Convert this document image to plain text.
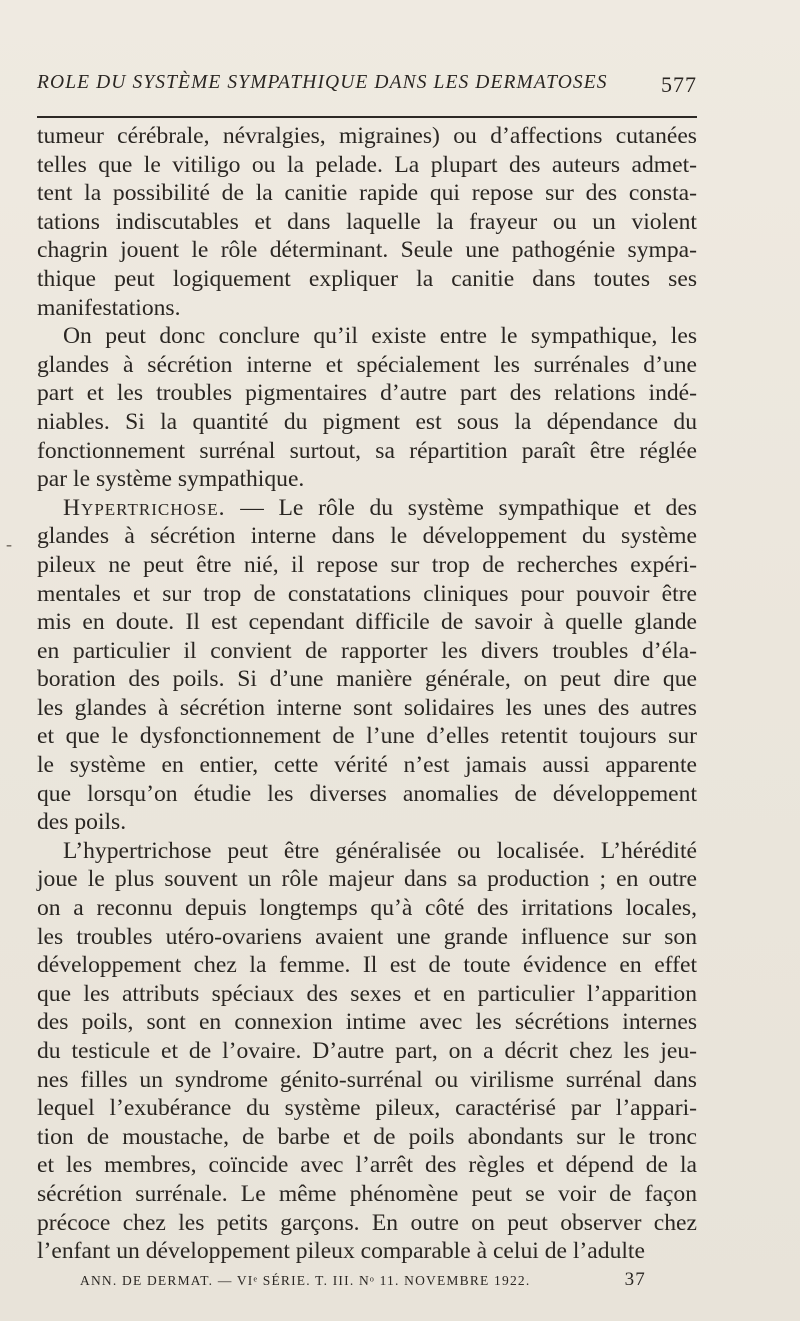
ROLE DU SYSTÈME SYMPATHIQUE DANS LES DERMATOSES 577
-

tumeur cérébrale, névralgies, migraines) ou d’affections cutanées
telles que le vitiligo ou la pelade. La plupart des auteurs admet-
tent la possibilité de la canitie rapide qui repose sur des consta-
tations indiscutables et dans laquelle la frayeur ou un violent
chagrin jouent le rôle déterminant. Seule une pathogénie sympa-
thique peut logiquement expliquer la canitie dans toutes ses
manifestations.

On peut donc conclure qu’il existe entre le sympathique, les
glandes à sécrétion interne et spécialement les surrénales d’une
part et les troubles pigmentaires d’autre part des relations indé-
niables. Si la quantité du pigment est sous la dépendance du
fonctionnement surrénal surtout, sa répartition paraît être réglée
par le système sympathique.

Hypertrichose. — Le rôle du système sympathique et des
glandes à sécrétion interne dans le développement du système
pileux ne peut être nié, il repose sur trop de recherches expéri-
mentales et sur trop de constatations cliniques pour pouvoir être
mis en doute. Il est cependant difficile de savoir à quelle glande
en particulier il convient de rapporter les divers troubles d’éla-
boration des poils. Si d’une manière générale, on peut dire que
les glandes à sécrétion interne sont solidaires les unes des autres
et que le dysfonctionnement de l’une d’elles retentit toujours sur
le système en entier, cette vérité n’est jamais aussi apparente
que lorsqu’on étudie les diverses anomalies de développement
des poils.

L’hypertrichose peut être généralisée ou localisée. L’hérédité
joue le plus souvent un rôle majeur dans sa production ; en outre
on a reconnu depuis longtemps qu’à côté des irritations locales,
les troubles utéro-ovariens avaient une grande influence sur son
développement chez la femme. Il est de toute évidence en effet
que les attributs spéciaux des sexes et en particulier l’apparition
des poils, sont en connexion intime avec les sécrétions internes
du testicule et de l’ovaire. D’autre part, on a décrit chez les jeu-
nes filles un syndrome génito-surrénal ou virilisme surrénal dans
lequel l’exubérance du système pileux, caractérisé par l’appari-
tion de moustache, de barbe et de poils abondants sur le tronc
et les membres, coïncide avec l’arrêt des règles et dépend de la
sécrétion surrénale. Le même phénomène peut se voir de façon
précoce chez les petits garçons. En outre on peut observer chez
l’enfant un développement pileux comparable à celui de l’adulte

ANN. DE DERMAT. — VIᵉ SÉRIE. T. III. Nᵒ 11. NOVEMBRE 1922.	37
